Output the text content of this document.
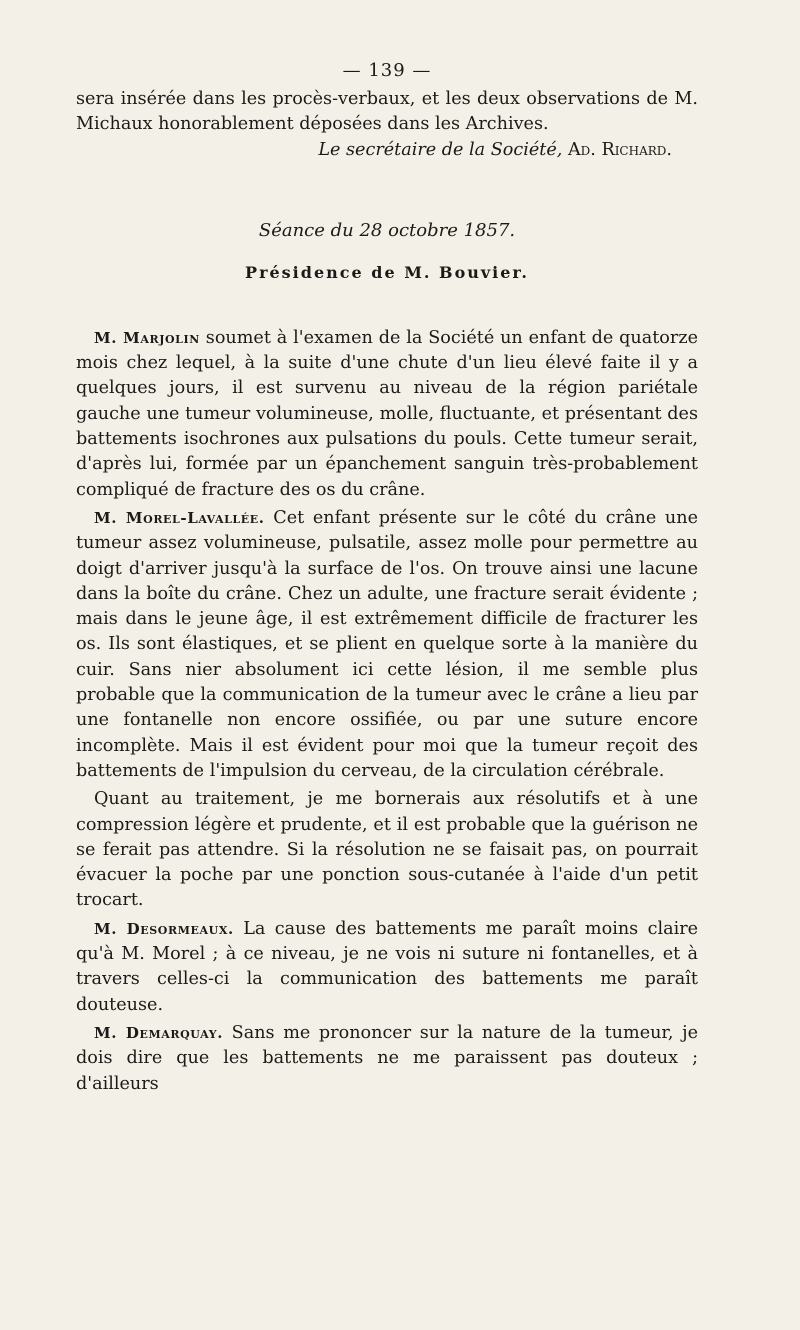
— 139 —

sera insérée dans les procès-verbaux, et les deux observations de M. Michaux honorablement déposées dans les Archives.

Le secrétaire de la Société, Ad. Richard.

Séance du 28 octobre 1857.
Présidence de M. Bouvier.

M. Marjolin soumet à l'examen de la Société un enfant de quatorze mois chez lequel, à la suite d'une chute d'un lieu élevé faite il y a quelques jours, il est survenu au niveau de la région pariétale gauche une tumeur volumineuse, molle, fluctuante, et présentant des battements isochrones aux pulsations du pouls. Cette tumeur serait, d'après lui, formée par un épanchement sanguin très-probablement compliqué de fracture des os du crâne.

M. Morel-Lavallée. Cet enfant présente sur le côté du crâne une tumeur assez volumineuse, pulsatile, assez molle pour permettre au doigt d'arriver jusqu'à la surface de l'os. On trouve ainsi une lacune dans la boîte du crâne. Chez un adulte, une fracture serait évidente ; mais dans le jeune âge, il est extrêmement difficile de fracturer les os. Ils sont élastiques, et se plient en quelque sorte à la manière du cuir. Sans nier absolument ici cette lésion, il me semble plus probable que la communication de la tumeur avec le crâne a lieu par une fontanelle non encore ossifiée, ou par une suture encore incomplète. Mais il est évident pour moi que la tumeur reçoit des battements de l'impulsion du cerveau, de la circulation cérébrale.

Quant au traitement, je me bornerais aux résolutifs et à une compression légère et prudente, et il est probable que la guérison ne se ferait pas attendre. Si la résolution ne se faisait pas, on pourrait évacuer la poche par une ponction sous-cutanée à l'aide d'un petit trocart.

M. Desormeaux. La cause des battements me paraît moins claire qu'à M. Morel ; à ce niveau, je ne vois ni suture ni fontanelles, et à travers celles-ci la communication des battements me paraît douteuse.

M. Demarquay. Sans me prononcer sur la nature de la tumeur, je dois dire que les battements ne me paraissent pas douteux ; d'ailleurs
